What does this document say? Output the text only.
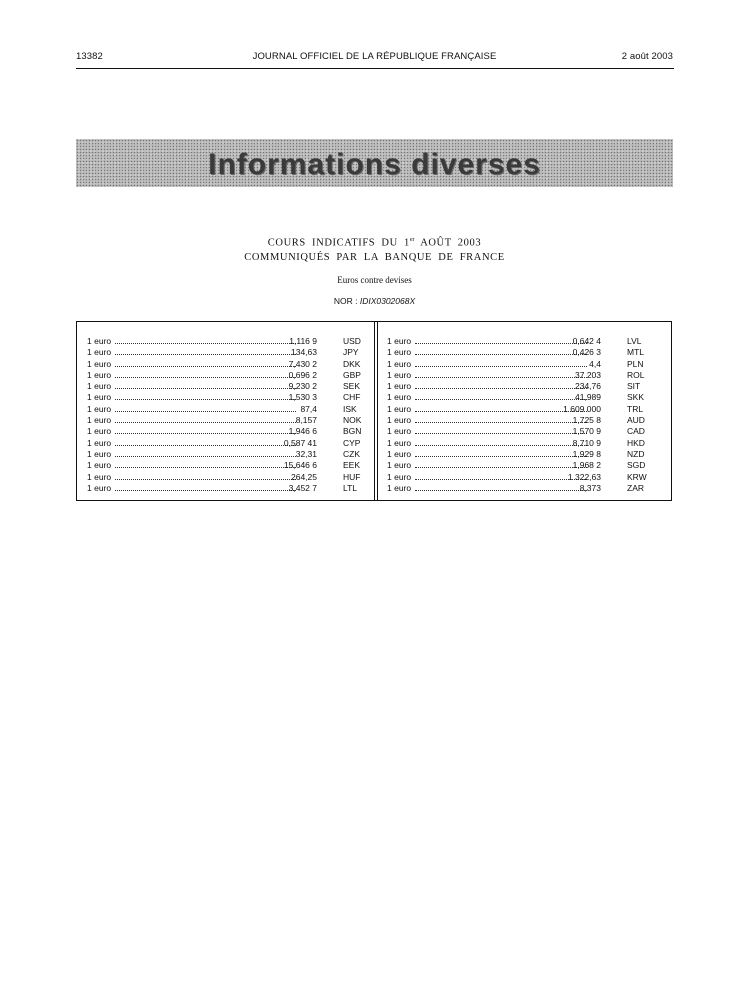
13382	JOURNAL OFFICIEL DE LA RÉPUBLIQUE FRANÇAISE	2 août 2003
Informations diverses
COURS INDICATIFS DU 1er AOÛT 2003
COMMUNIQUÉS PAR LA BANQUE DE FRANCE
Euros contre devises
NOR : IDIX0302068X
1 euro	1,116 9	USD
1 euro	134,63	JPY
1 euro	7,430 2	DKK
1 euro	0,696 2	GBP
1 euro	9,230 2	SEK
1 euro	1,530 3	CHF
1 euro	87,4	ISK
1 euro	8,157	NOK
1 euro	1,946 6	BGN
1 euro	0,587 41	CYP
1 euro	32,31	CZK
1 euro	15,646 6	EEK
1 euro	264,25	HUF
1 euro	3,452 7	LTL
1 euro	0,642 4	LVL
1 euro	0,426 3	MTL
1 euro	4,4	PLN
1 euro	37 203	ROL
1 euro	234,76	SIT
1 euro	41,989	SKK
1 euro	1 609 000	TRL
1 euro	1,725 8	AUD
1 euro	1,570 9	CAD
1 euro	8,710 9	HKD
1 euro	1,929 8	NZD
1 euro	1,968 2	SGD
1 euro	1 322,63	KRW
1 euro	8,373	ZAR
